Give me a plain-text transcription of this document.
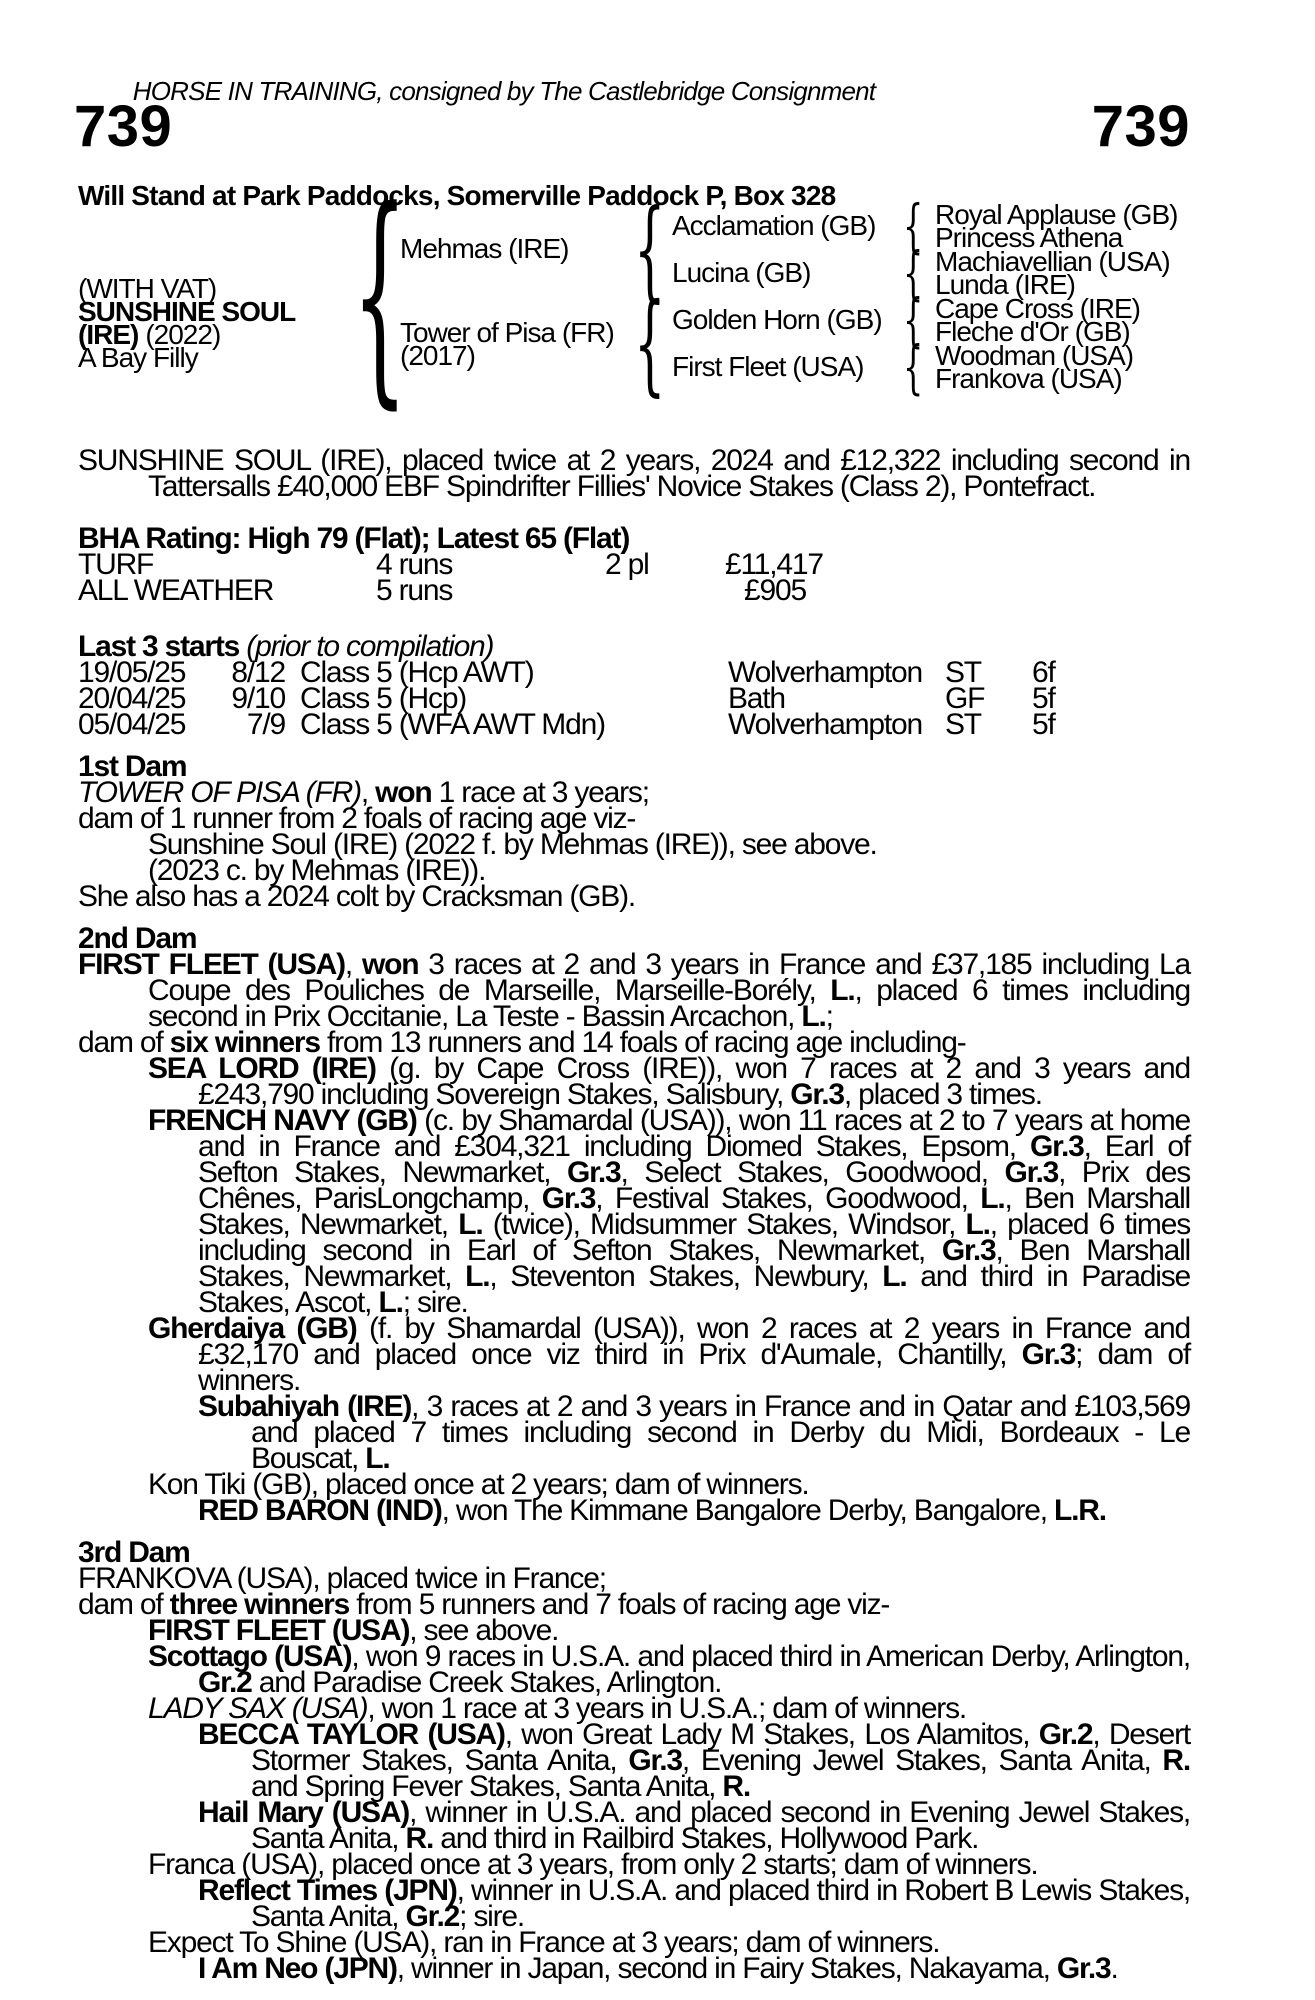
HORSE IN TRAINING, consigned by The Castlebridge Consignment
739	739
Will Stand at Park Paddocks, Somerville Paddock P, Box 328
(WITH VAT)
SUNSHINE SOUL
(IRE) (2022)
A Bay Filly
Mehmas (IRE)
Tower of Pisa (FR)
(2017)
Acclamation (GB)
Lucina (GB)
Golden Horn (GB)
First Fleet (USA)
Royal Applause (GB)
Princess Athena
Machiavellian (USA)
Lunda (IRE)
Cape Cross (IRE)
Fleche d'Or (GB)
Woodman (USA)
Frankova (USA)
{
{
{
{
{
{
{
SUNSHINE SOUL (IRE), placed twice at 2 years, 2024 and £12,322 including second in Tattersalls £40,000 EBF Spindrifter Fillies' Novice Stakes (Class 2), Pontefract.
BHA Rating: High 79 (Flat); Latest 65 (Flat)
TURF	4 runs	2 pl	£11,417
ALL WEATHER	5 runs	£905
Last 3 starts (prior to compilation)
19/05/25	8/12 Class 5 (Hcp AWT)	Wolverhampton ST	6f
20/04/25	9/10 Class 5 (Hcp)	Bath	GF	5f
05/04/25	7/9 Class 5 (WFA AWT Mdn)	Wolverhampton ST	5f
1st Dam
TOWER OF PISA (FR), won 1 race at 3 years;
dam of 1 runner from 2 foals of racing age viz-
Sunshine Soul (IRE) (2022 f. by Mehmas (IRE)), see above.
(2023 c. by Mehmas (IRE)).
She also has a 2024 colt by Cracksman (GB).
2nd Dam
FIRST FLEET (USA), won 3 races at 2 and 3 years in France and £37,185 including La Coupe des Pouliches de Marseille, Marseille-Borély, L., placed 6 times including second in Prix Occitanie, La Teste - Bassin Arcachon, L.;
dam of six winners from 13 runners and 14 foals of racing age including-
SEA LORD (IRE) (g. by Cape Cross (IRE)), won 7 races at 2 and 3 years and £243,790 including Sovereign Stakes, Salisbury, Gr.3, placed 3 times.
FRENCH NAVY (GB) (c. by Shamardal (USA)), won 11 races at 2 to 7 years at home and in France and £304,321 including Diomed Stakes, Epsom, Gr.3, Earl of Sefton Stakes, Newmarket, Gr.3, Select Stakes, Goodwood, Gr.3, Prix des Chênes, ParisLongchamp, Gr.3, Festival Stakes, Goodwood, L., Ben Marshall Stakes, Newmarket, L. (twice), Midsummer Stakes, Windsor, L., placed 6 times including second in Earl of Sefton Stakes, Newmarket, Gr.3, Ben Marshall Stakes, Newmarket, L., Steventon Stakes, Newbury, L. and third in Paradise Stakes, Ascot, L.; sire.
Gherdaiya (GB) (f. by Shamardal (USA)), won 2 races at 2 years in France and £32,170 and placed once viz third in Prix d'Aumale, Chantilly, Gr.3; dam of winners.
Subahiyah (IRE), 3 races at 2 and 3 years in France and in Qatar and £103,569 and placed 7 times including second in Derby du Midi, Bordeaux - Le Bouscat, L.
Kon Tiki (GB), placed once at 2 years; dam of winners.
RED BARON (IND), won The Kimmane Bangalore Derby, Bangalore, L.R.
3rd Dam
FRANKOVA (USA), placed twice in France;
dam of three winners from 5 runners and 7 foals of racing age viz-
FIRST FLEET (USA), see above.
Scottago (USA), won 9 races in U.S.A. and placed third in American Derby, Arlington, Gr.2 and Paradise Creek Stakes, Arlington.
LADY SAX (USA), won 1 race at 3 years in U.S.A.; dam of winners.
BECCA TAYLOR (USA), won Great Lady M Stakes, Los Alamitos, Gr.2, Desert Stormer Stakes, Santa Anita, Gr.3, Evening Jewel Stakes, Santa Anita, R. and Spring Fever Stakes, Santa Anita, R.
Hail Mary (USA), winner in U.S.A. and placed second in Evening Jewel Stakes, Santa Anita, R. and third in Railbird Stakes, Hollywood Park.
Franca (USA), placed once at 3 years, from only 2 starts; dam of winners.
Reflect Times (JPN), winner in U.S.A. and placed third in Robert B Lewis Stakes, Santa Anita, Gr.2; sire.
Expect To Shine (USA), ran in France at 3 years; dam of winners.
I Am Neo (JPN), winner in Japan, second in Fairy Stakes, Nakayama, Gr.3.
